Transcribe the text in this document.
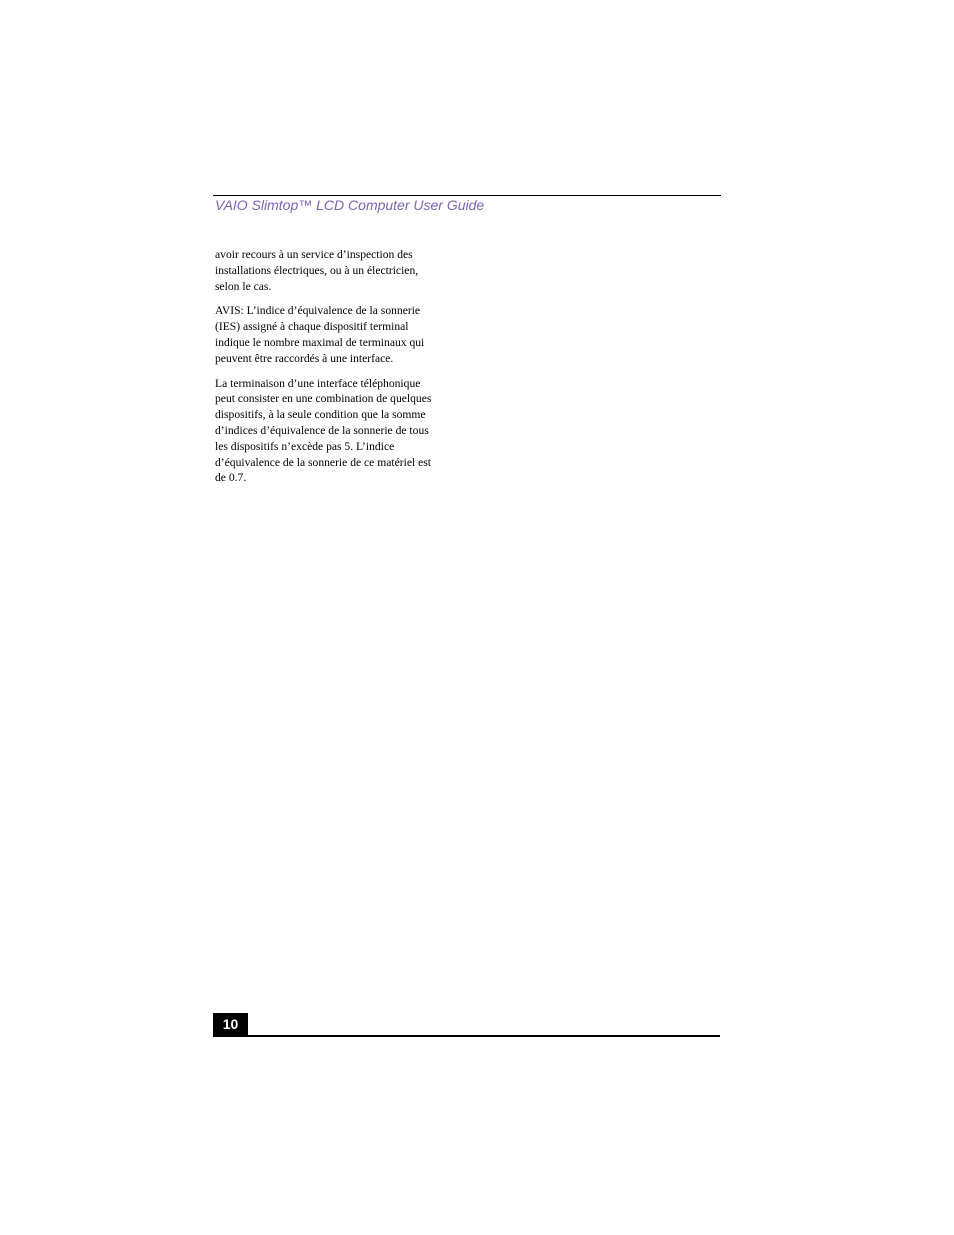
VAIO Slimtop™ LCD Computer User Guide

avoir recours à un service d’inspection des
installations électriques, ou à un électricien,
selon le cas.

AVIS: L’indice d’équivalence de la sonnerie
(IES) assigné à chaque dispositif terminal
indique le nombre maximal de terminaux qui
peuvent être raccordés à une interface.

La terminaison d’une interface téléphonique
peut consister en une combination de quelques
dispositifs, à la seule condition que la somme
d’indices d’équivalence de la sonnerie de tous
les dispositifs n’excède pas 5. L’indice
d’équivalence de la sonnerie de ce matériel est
de 0.7.

10
